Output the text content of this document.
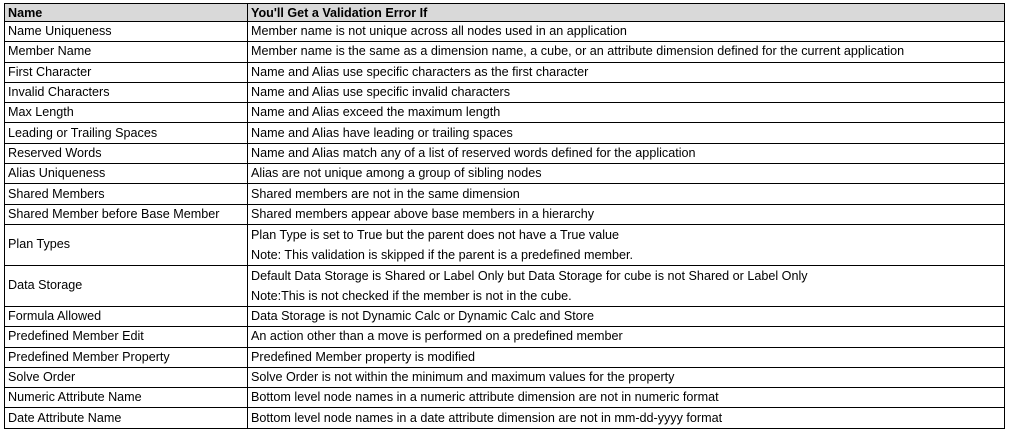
Name	You'll Get a Validation Error If
Name Uniqueness	Member name is not unique across all nodes used in an application
Member Name	Member name is the same as a dimension name, a cube, or an attribute dimension defined for the current application
First Character	Name and Alias use specific characters as the first character
Invalid Characters	Name and Alias use specific invalid characters
Max Length	Name and Alias exceed the maximum length
Leading or Trailing Spaces	Name and Alias have leading or trailing spaces
Reserved Words	Name and Alias match any of a list of reserved words defined for the application
Alias Uniqueness	Alias are not unique among a group of sibling nodes
Shared Members	Shared members are not in the same dimension
Shared Member before Base Member	Shared members appear above base members in a hierarchy
Plan Types	Plan Type is set to True but the parent does not have a True value
Note: This validation is skipped if the parent is a predefined member.

Data Storage	Default Data Storage is Shared or Label Only but Data Storage for cube is not Shared or Label Only
Note:This is not checked if the member is not in the cube.

Formula Allowed	Data Storage is not Dynamic Calc or Dynamic Calc and Store
Predefined Member Edit	An action other than a move is performed on a predefined member
Predefined Member Property	Predefined Member property is modified
Solve Order	Solve Order is not within the minimum and maximum values for the property
Numeric Attribute Name	Bottom level node names in a numeric attribute dimension are not in numeric format
Date Attribute Name	Bottom level node names in a date attribute dimension are not in mm-dd-yyyy format
